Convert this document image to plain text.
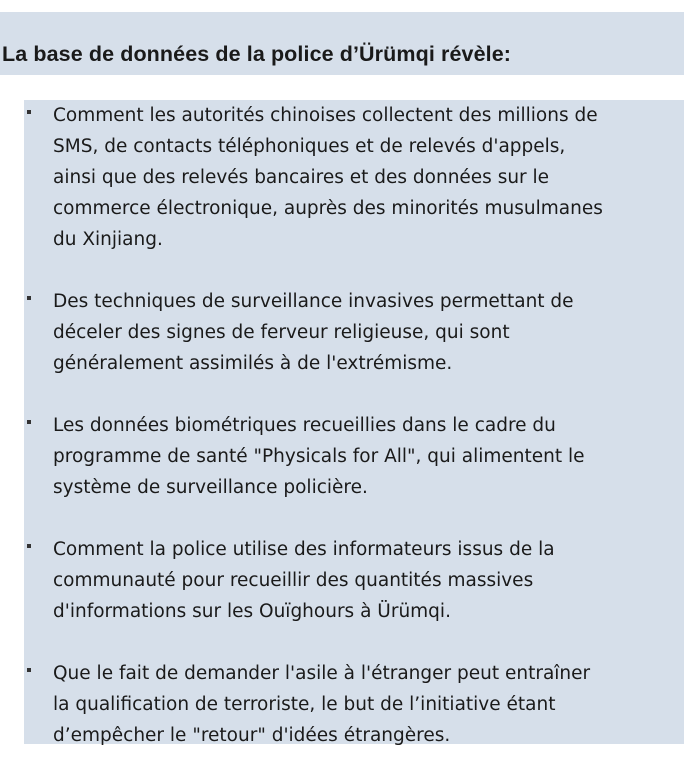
La base de données de la police d’Ürümqi révèle:
Comment les autorités chinoises collectent des millions de
SMS, de contacts téléphoniques et de relevés d'appels,
ainsi que des relevés bancaires et des données sur le
commerce électronique, auprès des minorités musulmanes
du Xinjiang.
Des techniques de surveillance invasives permettant de
déceler des signes de ferveur religieuse, qui sont
généralement assimilés à de l'extrémisme.
Les données biométriques recueillies dans le cadre du
programme de santé "Physicals for All", qui alimentent le
système de surveillance policière.
Comment la police utilise des informateurs issus de la
communauté pour recueillir des quantités massives
d'informations sur les Ouïghours à Ürümqi.
Que le fait de demander l'asile à l'étranger peut entraîner
la qualification de terroriste, le but de l’initiative étant
d’empêcher le "retour" d'idées étrangères.
